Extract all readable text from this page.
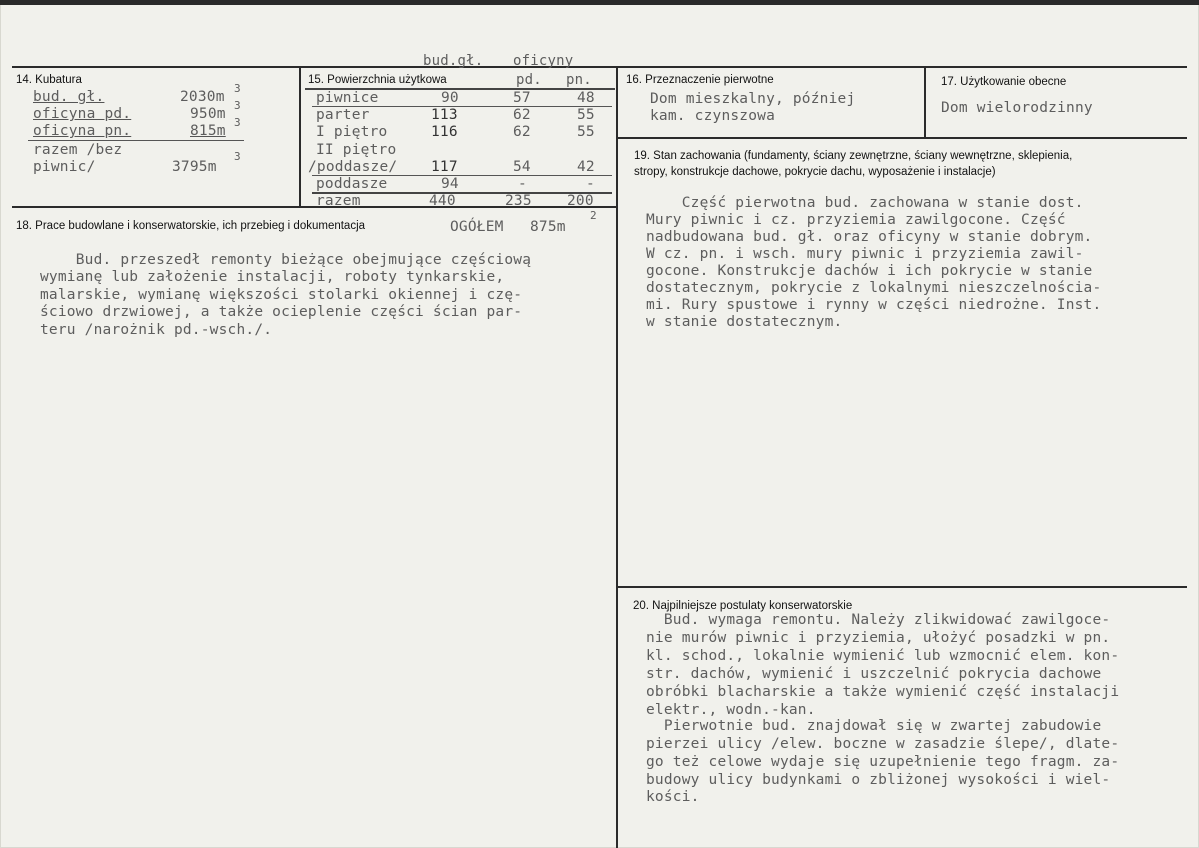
14. Kubatura
bud. gł.	2030m
oficyna pd.	950m
oficyna pn.	815m
razem /bez
piwnic/	3795m
3
3
3
3
bud.gł. oficyny
15. Powierzchnia użytkowa	pd. pn.
piwnice	90	57	48
parter	113	62	55
I piętro	116	62	55
II piętro
/poddasze/ 117	54	42
poddasze	94	-	-
razem	440	235 200
OGÓŁEM 875m
2
16. Przeznaczenie pierwotne
Dom mieszkalny, później
kam. czynszowa
17. Użytkowanie obecne
Dom wielorodzinny
18. Prace budowlane i konserwatorskie, ich przebieg i dokumentacja
Bud. przeszedł remonty bieżące obejmujące częściową
wymianę lub założenie instalacji, roboty tynkarskie,
malarskie, wymianę większości stolarki okiennej i czę-
ściowo drzwiowej, a także ocieplenie części ścian par-
teru /narożnik pd.-wsch./.
19. Stan zachowania (fundamenty, ściany zewnętrzne, ściany wewnętrzne, sklepienia,
stropy, konstrukcje dachowe, pokrycie dachu, wyposażenie i instalacje)
Część pierwotna bud. zachowana w stanie dost.
Mury piwnic i cz. przyziemia zawilgocone. Część
nadbudowana bud. gł. oraz oficyny w stanie dobrym.
W cz. pn. i wsch. mury piwnic i przyziemia zawil-
gocone. Konstrukcje dachów i ich pokrycie w stanie
dostatecznym, pokrycie z lokalnymi nieszczelnościa-
mi. Rury spustowe i rynny w części niedrożne. Inst.
w stanie dostatecznym.
20. Najpilniejsze postulaty konserwatorskie
Bud. wymaga remontu. Należy zlikwidować zawilgoce-
nie murów piwnic i przyziemia, ułożyć posadzki w pn.
kl. schod., lokalnie wymienić lub wzmocnić elem. kon-
str. dachów, wymienić i uszczelnić pokrycia dachowe
obróbki blacharskie a także wymienić część instalacji
elektr., wodn.-kan.
Pierwotnie bud. znajdował się w zwartej zabudowie
pierzei ulicy /elew. boczne w zasadzie ślepe/, dlate-
go też celowe wydaje się uzupełnienie tego fragm. za-
budowy ulicy budynkami o zbliżonej wysokości i wiel-
kości.
